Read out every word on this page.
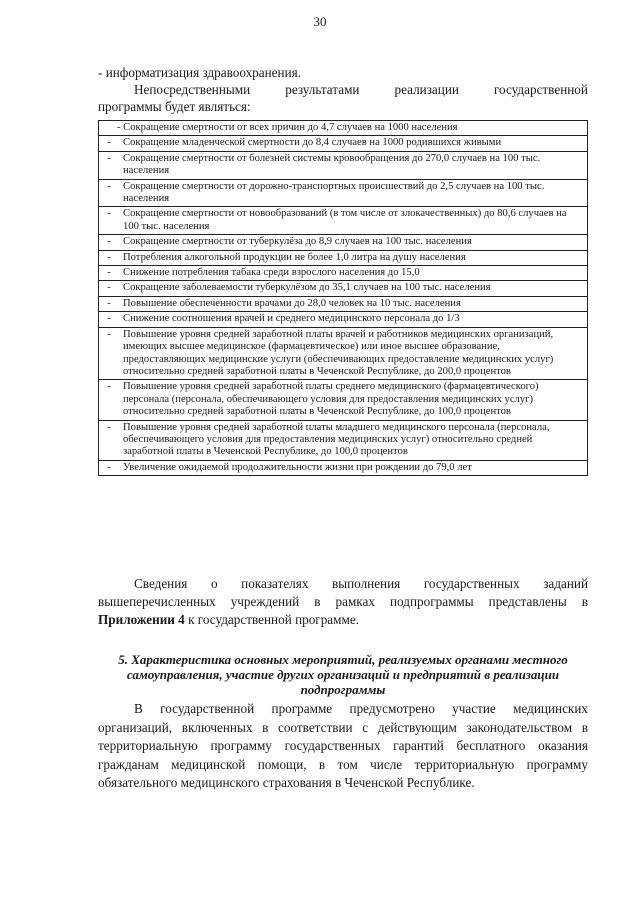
30
- информатизация здравоохранения.
Непосредственными	результатами	реализации	государственной
программы будет являться:
- Сокращение смертности от всех причин до 4,7 случаев на 1000 населения	
-	Сокращение младенческой смертности до 8,4 случаев на 1000 родившихся живыми
-	Сокращение смертности от болезней системы кровообращения до 270,0 случаев на 100 тыс. населения
-	Сокращение смертности от дорожно-транспортных происшествий до 2,5 случаев на 100 тыс. населения
-	Сокращение смертности от новообразований (в том числе от злокачественных) до 80,6 случаев на 100 тыс. населения
-	Сокращение смертности от туберкулёза до 8,9 случаев на 100 тыс. населения
-	Потребления алкогольной продукции не более 1,0 литра на душу населения
-	Снижение потребления табака среди взрослого населения до 15,0
-	Сокращение заболеваемости туберкулёзом до 35,1 случаев на 100 тыс. населения
-	Повышение обеспеченности врачами до 28,0 человек на 10 тыс. населения
-	Снижение соотношения врачей и среднего медицинского персонала до 1/3
-	Повышение уровня средней заработной платы врачей и работников медицинских организаций, имеющих высшее медицинское (фармацевтическое) или иное высшее образование, предоставляющих медицинские услуги (обеспечивающих предоставление медицинских услуг) относительно средней заработной платы в Чеченской Республике, до 200,0 процентов
-	Повышение уровня средней заработной платы среднего медицинского (фармацевтического) персонала (персонала, обеспечивающего условия для предоставления медицинских услуг) относительно средней заработной платы в Чеченской Республике, до 100,0 процентов
-	Повышение уровня средней заработной платы младшего медицинского персонала (персонала, обеспечивающего условия для предоставления медицинских услуг) относительно средней заработной платы в Чеченской Республике, до 100,0 процентов
-	Увеличение ожидаемой продолжительности жизни при рождении до 79,0 лет
Сведения о показателях выполнения государственных заданий вышеперечисленных учреждений в рамках подпрограммы представлены в Приложении 4 к государственной программе.
5. Характеристика основных мероприятий, реализуемых органами местного самоуправления, участие других организаций и предприятий в реализации подпрограммы
В государственной программе предусмотрено участие медицинских организаций, включенных в соответствии с действующим законодательством в территориальную программу государственных гарантий бесплатного оказания гражданам медицинской помощи, в том числе территориальную программу обязательного медицинского страхования в Чеченской Республике.
